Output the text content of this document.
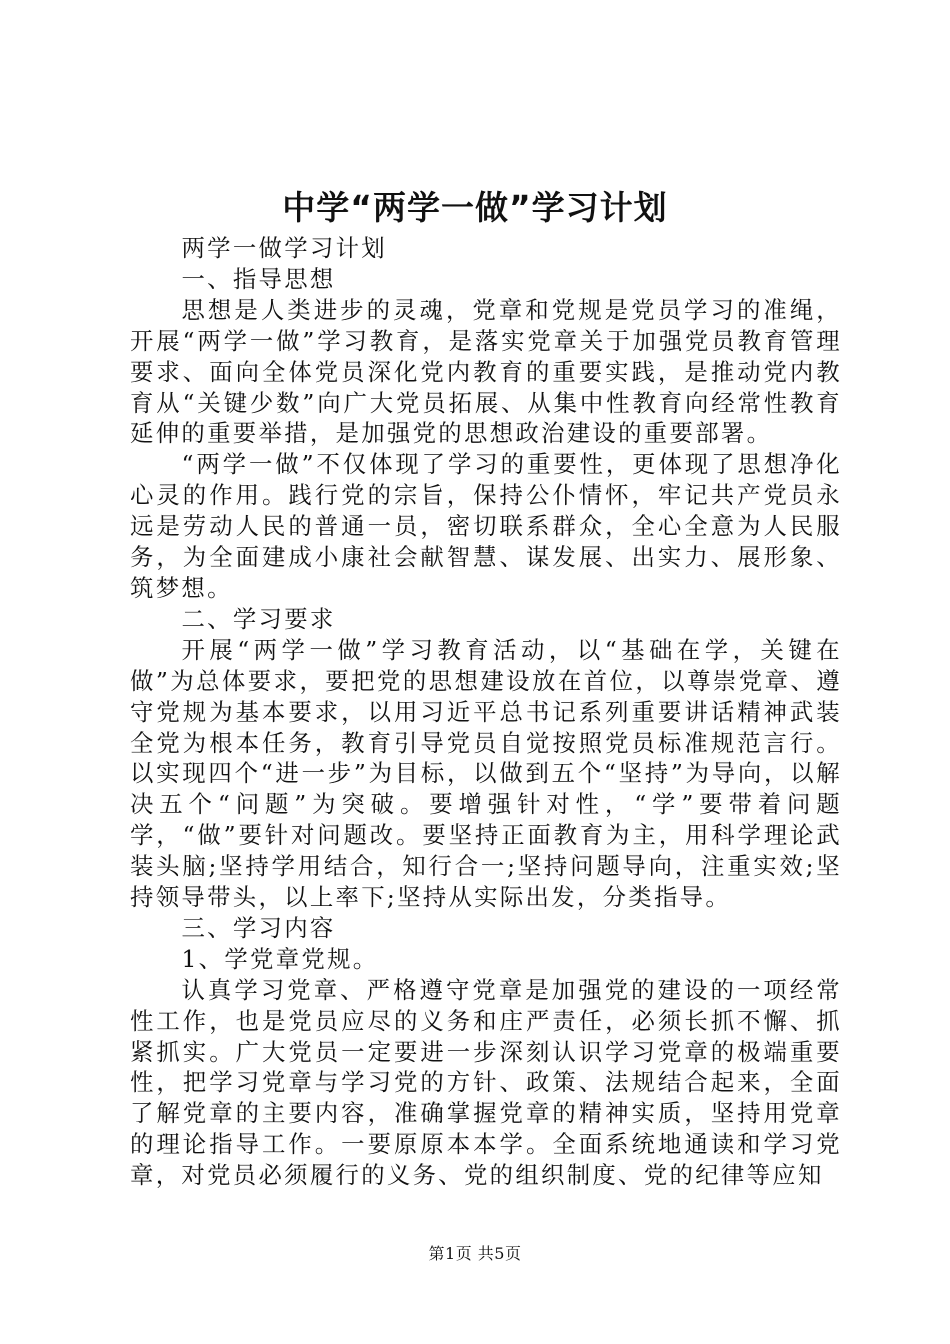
中学“两学一做”学习计划

两学一做学习计划

一、指导思想

思想是人类进步的灵魂，党章和党规是党员学习的准绳，开展“两学一做”学习教育，是落实党章关于加强党员教育管理要求、面向全体党员深化党内教育的重要实践，是推动党内教育从“关键少数”向广大党员拓展、从集中性教育向经常性教育延伸的重要举措，是加强党的思想政治建设的重要部署。

“两学一做”不仅体现了学习的重要性，更体现了思想净化心灵的作用。践行党的宗旨，保持公仆情怀，牢记共产党员永远是劳动人民的普通一员，密切联系群众，全心全意为人民服务，为全面建成小康社会献智慧、谋发展、出实力、展形象、筑梦想。

二、学习要求

开展“两学一做”学习教育活动，以“基础在学，关键在做”为总体要求，要把党的思想建设放在首位，以尊崇党章、遵守党规为基本要求，以用习近平总书记系列重要讲话精神武装全党为根本任务，教育引导党员自觉按照党员标准规范言行。以实现四个“进一步”为目标，以做到五个“坚持”为导向，以解决五个“问题”为突破。要增强针对性，“学”要带着问题学，“做”要针对问题改。要坚持正面教育为主，用科学理论武装头脑;坚持学用结合，知行合一;坚持问题导向，注重实效;坚持领导带头，以上率下;坚持从实际出发，分类指导。

三、学习内容

1、学党章党规。

认真学习党章、严格遵守党章是加强党的建设的一项经常性工作，也是党员应尽的义务和庄严责任，必须长抓不懈、抓紧抓实。广大党员一定要进一步深刻认识学习党章的极端重要性，把学习党章与学习党的方针、政策、法规结合起来，全面了解党章的主要内容，准确掌握党章的精神实质，坚持用党章的理论指导工作。一要原原本本学。全面系统地通读和学习党章，对党员必须履行的义务、党的组织制度、党的纪律等应知

第1页 共5页
